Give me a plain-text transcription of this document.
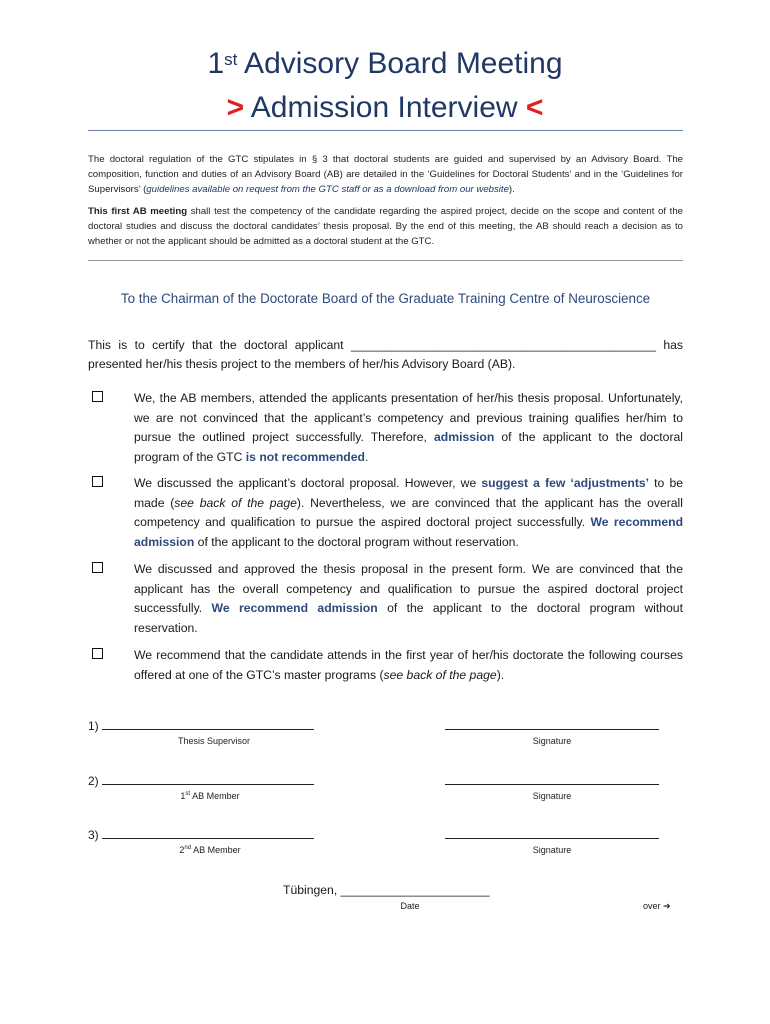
1st Advisory Board Meeting
> Admission Interview <
The doctoral regulation of the GTC stipulates in § 3 that doctoral students are guided and supervised by an Advisory Board. The composition, function and duties of an Advisory Board (AB) are detailed in the ‘Guidelines for Doctoral Students’ and in the ‘Guidelines for Supervisors’ (guidelines available on request from the GTC staff or as a download from our website).
This first AB meeting shall test the competency of the candidate regarding the aspired project, decide on the scope and content of the doctoral studies and discuss the doctoral candidates’ thesis proposal. By the end of this meeting, the AB should reach a decision as to whether or not the applicant should be admitted as a doctoral student at the GTC.
To the Chairman of the Doctorate Board of the Graduate Training Centre of Neuroscience
This is to certify that the doctoral applicant _____________________________________________ has presented her/his thesis project to the members of her/his Advisory Board (AB).
We, the AB members, attended the applicants presentation of her/his thesis proposal. Unfortunately, we are not convinced that the applicant’s competency and previous training qualifies her/him to pursue the outlined project successfully. Therefore, admission of the applicant to the doctoral program of the GTC is not recommended.
We discussed the applicant’s doctoral proposal. However, we suggest a few ‘adjustments’ to be made (see back of the page). Nevertheless, we are convinced that the applicant has the overall competency and qualification to pursue the aspired doctoral project successfully. We recommend admission of the applicant to the doctoral program without reservation.
We discussed and approved the thesis proposal in the present form. We are convinced that the applicant has the overall competency and qualification to pursue the aspired doctoral project successfully. We recommend admission of the applicant to the doctoral program without reservation.
We recommend that the candidate attends in the first year of her/his doctorate the following courses offered at one of the GTC’s master programs (see back of the page).
1)
Thesis Supervisor	Signature
2)
1st AB Member	Signature
3)
2nd AB Member	Signature
Tübingen, ______________________
Date	over ➔
